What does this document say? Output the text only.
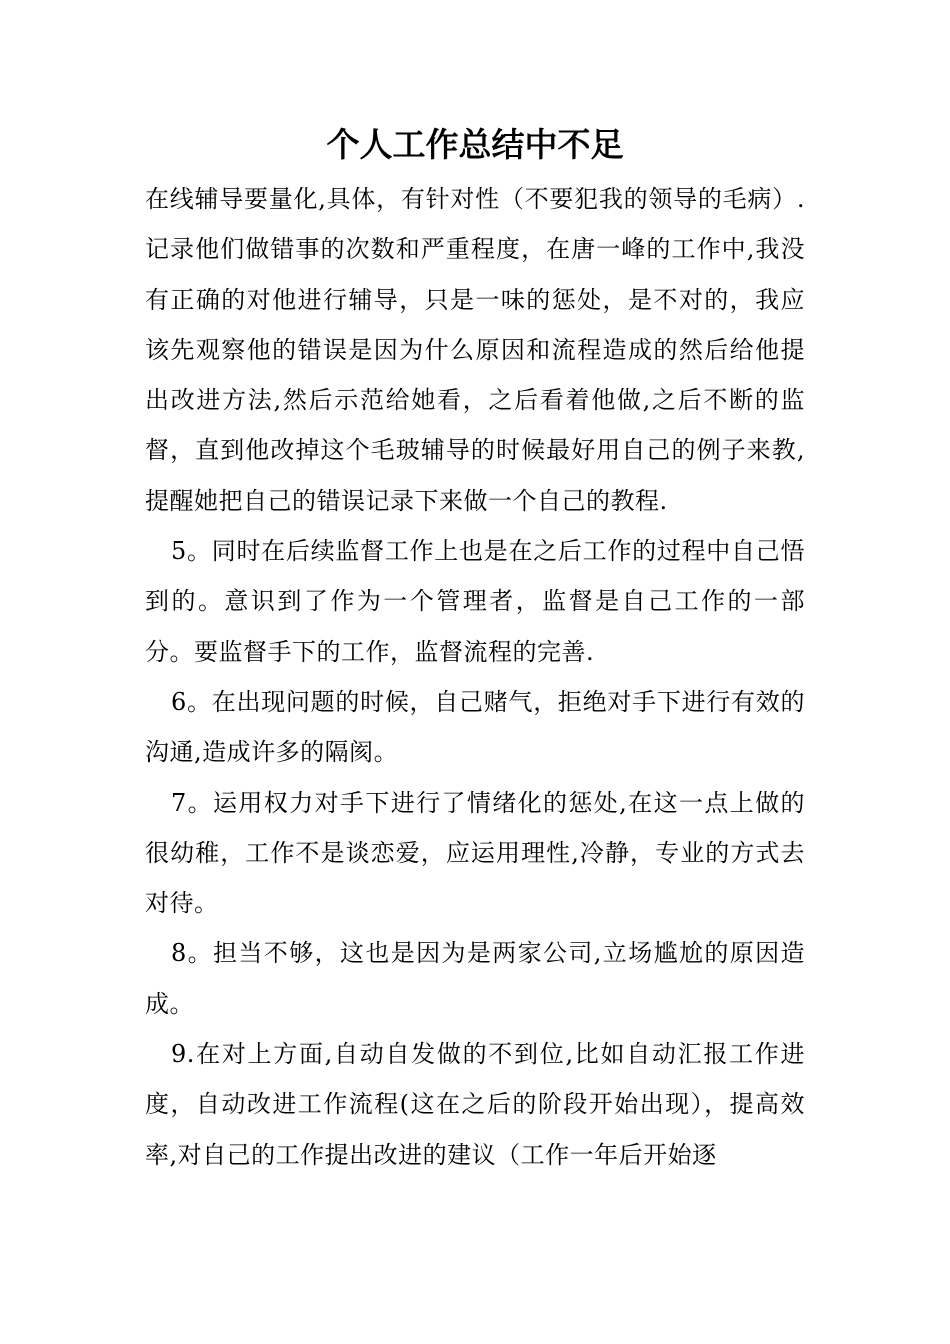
个人工作总结中不足

在线辅导要量化,具体，有针对性（不要犯我的领导的毛病）.记录他们做错事的次数和严重程度，在唐一峰的工作中,我没有正确的对他进行辅导，只是一味的惩处，是不对的，我应该先观察他的错误是因为什么原因和流程造成的然后给他提出改进方法,然后示范给她看，之后看着他做,之后不断的监督，直到他改掉这个毛玻辅导的时候最好用自己的例子来教,提醒她把自己的错误记录下来做一个自己的教程.

5。同时在后续监督工作上也是在之后工作的过程中自己悟到的。意识到了作为一个管理者，监督是自己工作的一部分。要监督手下的工作，监督流程的完善.

6。在出现问题的时候，自己赌气，拒绝对手下进行有效的沟通,造成许多的隔阂。

7。运用权力对手下进行了情绪化的惩处,在这一点上做的很幼稚，工作不是谈恋爱，应运用理性,冷静，专业的方式去对待。

8。担当不够，这也是因为是两家公司,立场尴尬的原因造成。

9.在对上方面,自动自发做的不到位,比如自动汇报工作进度，自动改进工作流程(这在之后的阶段开始出现），提高效率,对自己的工作提出改进的建议（工作一年后开始逐
